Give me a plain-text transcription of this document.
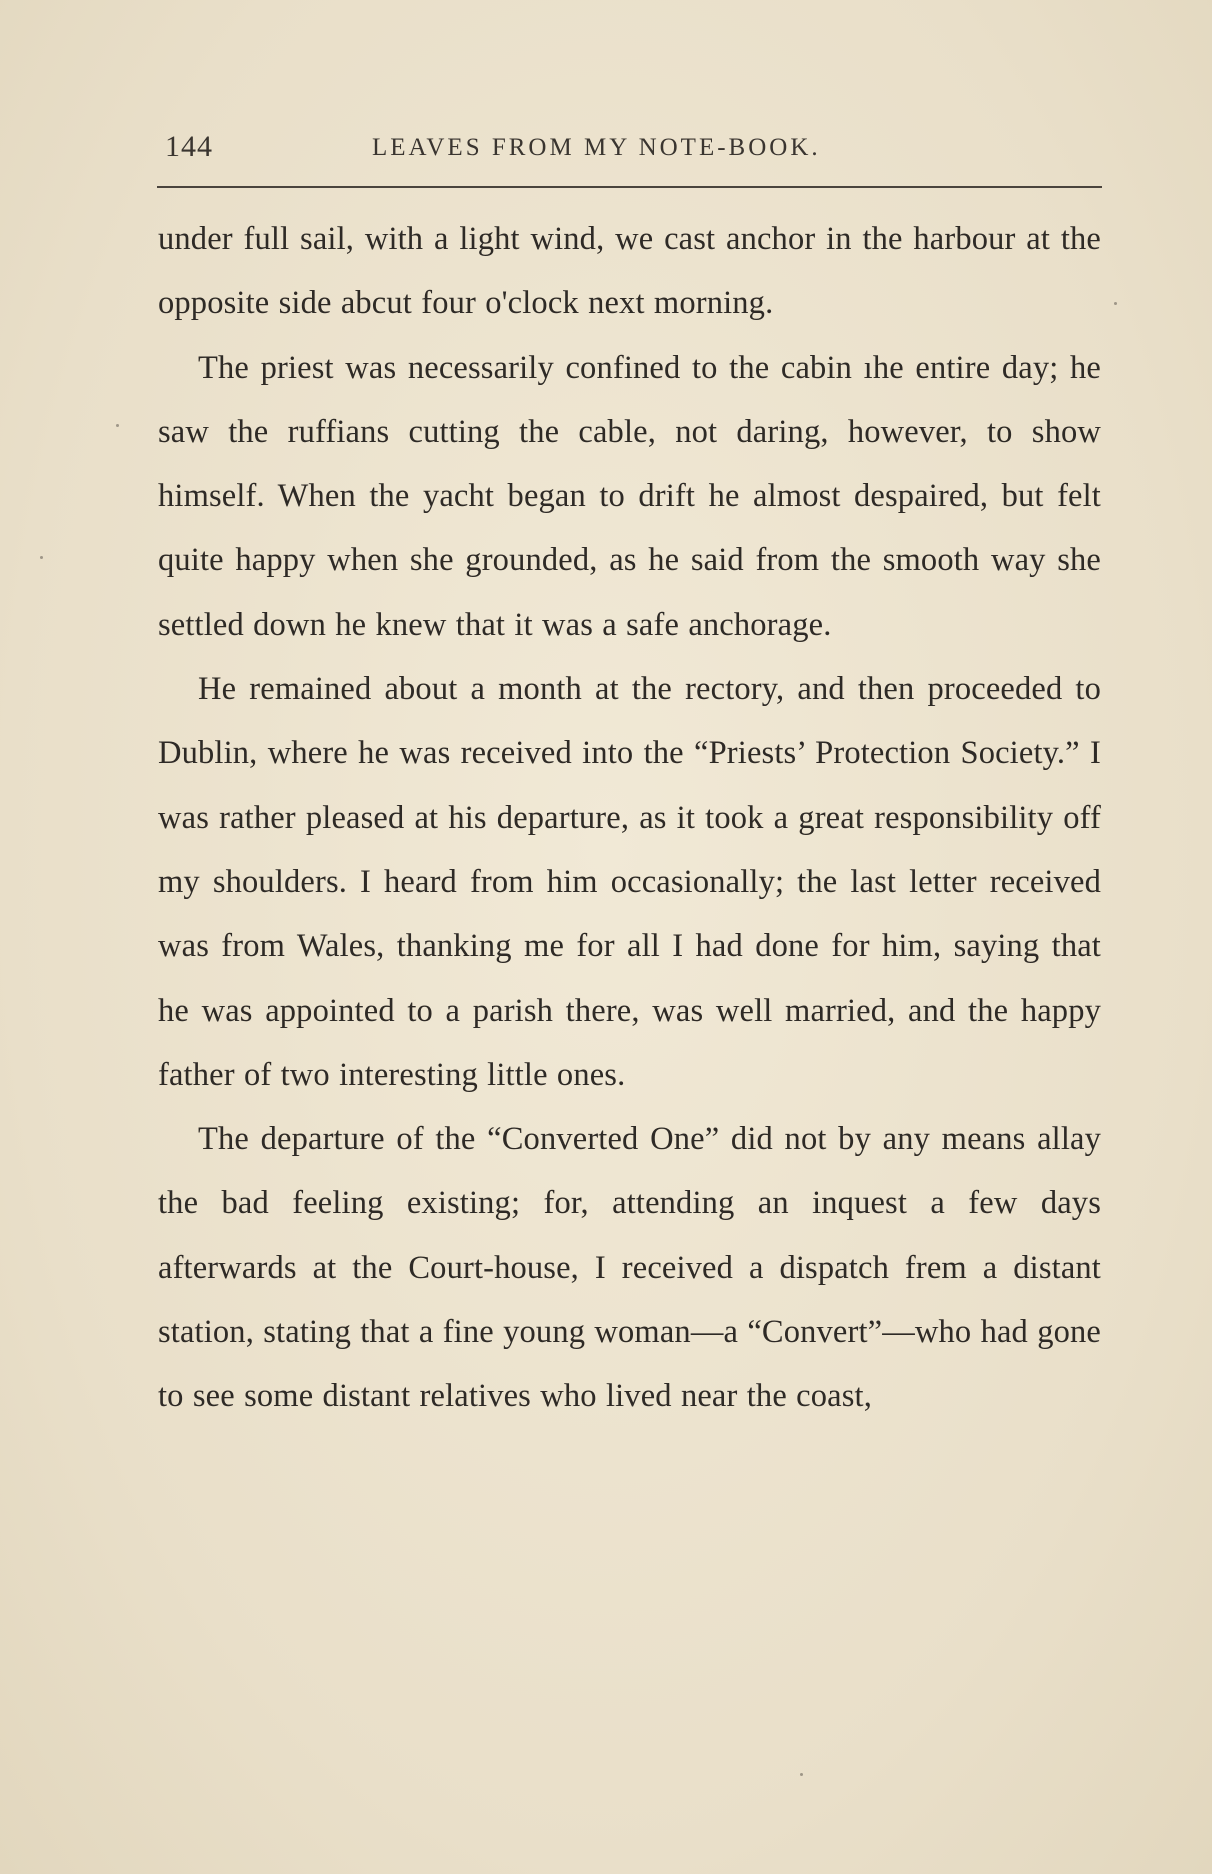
144	LEAVES FROM MY NOTE-BOOK.

under full sail, with a light wind, we cast anchor in the harbour at the opposite side abcut four o'clock next morning.

The priest was necessarily confined to the cabin ıhe entire day; he saw the ruffians cutting the cable, not daring, however, to show himself. When the yacht began to drift he almost despaired, but felt quite happy when she grounded, as he said from the smooth way she settled down he knew that it was a safe anchorage.

He remained about a month at the rectory, and then proceeded to Dublin, where he was received into the “Priests’ Protection Society.” I was rather pleased at his departure, as it took a great responsibility off my shoulders. I heard from him occasionally; the last letter received was from Wales, thanking me for all I had done for him, saying that he was appointed to a parish there, was well married, and the happy father of two interesting little ones.

The departure of the “Converted One” did not by any means allay the bad feeling existing; for, attending an inquest a few days afterwards at the Court-house, I received a dispatch frem a distant station, stating that a fine young woman—a “Convert”—who had gone to see some distant relatives who lived near the coast,
